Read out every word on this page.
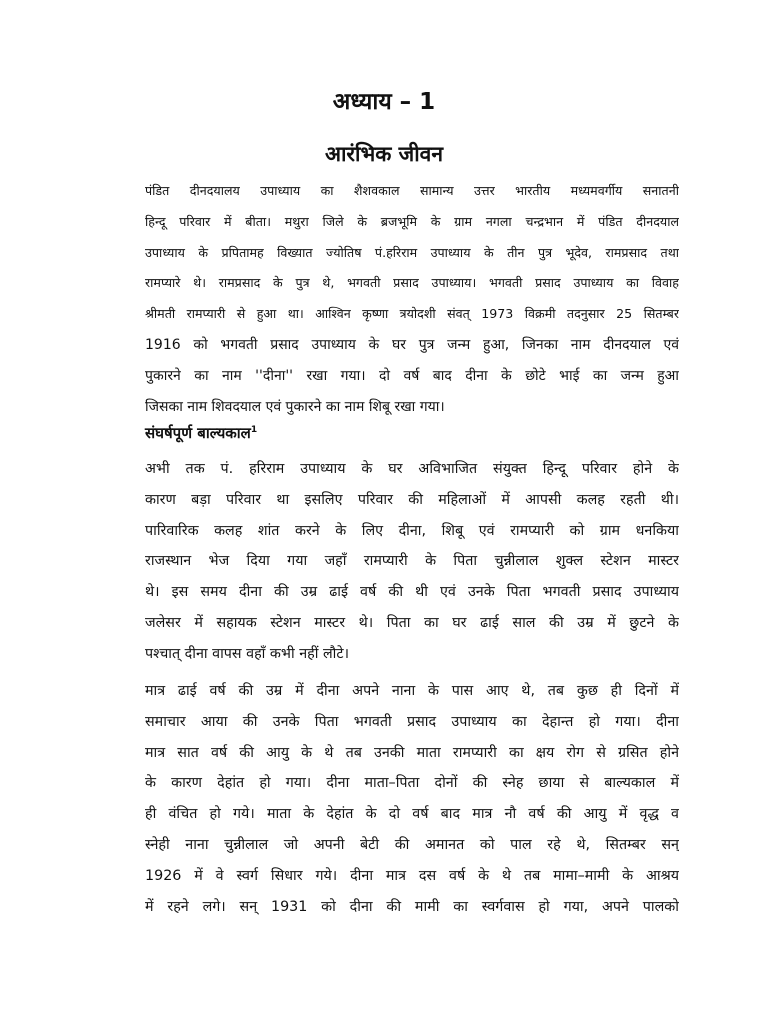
अध्याय – 1
आरंभिक जीवन
पंडित दीनदयालय उपाध्याय का शैशवकाल सामान्य उत्तर भारतीय मध्यमवर्गीय सनातनी
हिन्दू परिवार में बीता। मथुरा जिले के ब्रजभूमि के ग्राम नगला चन्द्रभान में पंडित दीनदयाल
उपाध्याय के प्रपितामह विख्यात ज्योतिष पं.हरिराम उपाध्याय के तीन पुत्र भूदेव, रामप्रसाद तथा
रामप्यारे थे। रामप्रसाद के पुत्र थे, भगवती प्रसाद उपाध्याय। भगवती प्रसाद उपाध्याय का विवाह
श्रीमती रामप्यारी से हुआ था। आश्विन कृष्णा त्रयोदशी संवत् 1973 विक्रमी तदनुसार 25 सितम्बर
1916 को भगवती प्रसाद उपाध्याय के घर पुत्र जन्म हुआ, जिनका नाम दीनदयाल एवं
पुकारने का नाम ''दीना'' रखा गया। दो वर्ष बाद दीना के छोटे भाई का जन्म हुआ
जिसका नाम शिवदयाल एवं पुकारने का नाम शिबू रखा गया।
संघर्षपूर्ण बाल्यकाल$^1$
अभी तक पं. हरिराम उपाध्याय के घर अविभाजित संयुक्त हिन्दू परिवार होने के
कारण बड़ा परिवार था इसलिए परिवार की महिलाओं में आपसी कलह रहती थी।
पारिवारिक कलह शांत करने के लिए दीना, शिबू एवं रामप्यारी को ग्राम धनकिया
राजस्थान भेज दिया गया जहाँ रामप्यारी के पिता चुन्नीलाल शुक्ल स्टेशन मास्टर
थे। इस समय दीना की उम्र ढाई वर्ष की थी एवं उनके पिता भगवती प्रसाद उपाध्याय
जलेसर में सहायक स्टेशन मास्टर थे। पिता का घर ढाई साल की उम्र में छुटने के
पश्चात् दीना वापस वहाँ कभी नहीं लौटे।
मात्र ढाई वर्ष की उम्र में दीना अपने नाना के पास आए थे, तब कुछ ही दिनों में
समाचार आया की उनके पिता भगवती प्रसाद उपाध्याय का देहान्त हो गया। दीना
मात्र सात वर्ष की आयु के थे तब उनकी माता रामप्यारी का क्षय रोग से ग्रसित होने
के कारण देहांत हो गया। दीना माता–पिता दोनों की स्नेह छाया से बाल्यकाल में
ही वंचित हो गये। माता के देहांत के दो वर्ष बाद मात्र नौ वर्ष की आयु में वृद्ध व
स्नेही नाना चुन्नीलाल जो अपनी बेटी की अमानत को पाल रहे थे, सितम्बर सन्
1926 में वे स्वर्ग सिधार गये। दीना मात्र दस वर्ष के थे तब मामा–मामी के आश्रय
में रहने लगे। सन् 1931 को दीना की मामी का स्वर्गवास हो गया, अपने पालको
